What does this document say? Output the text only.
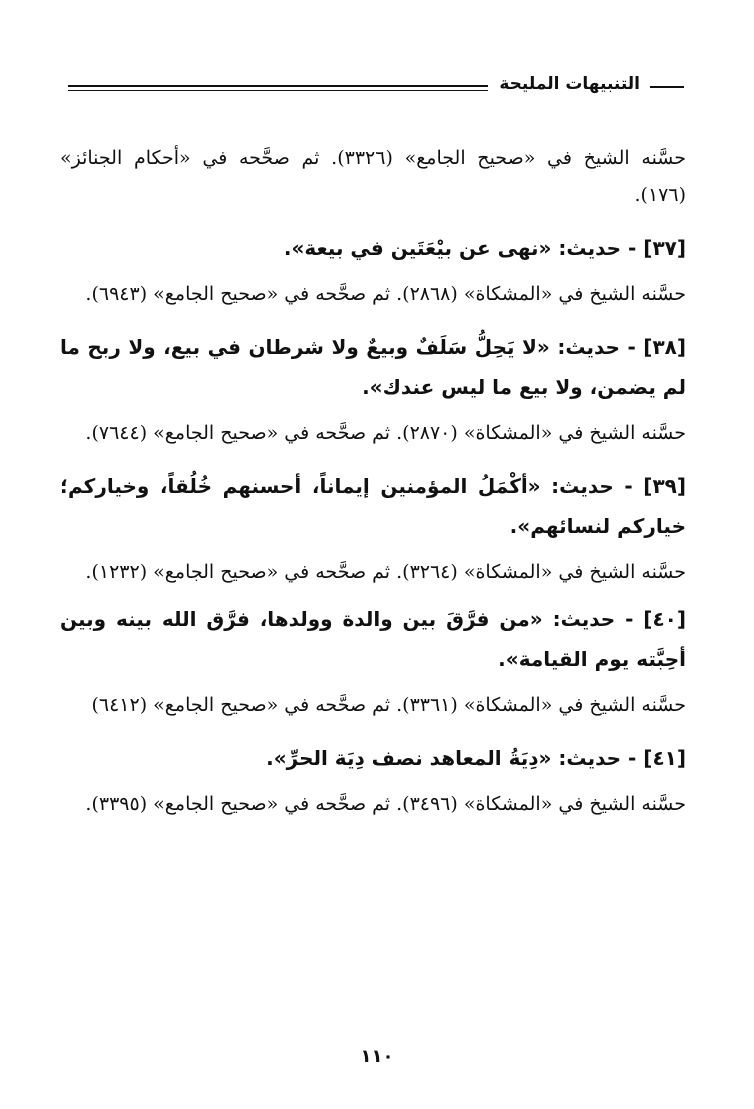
التنبيهات المليحة

حسَّنه الشيخ في «صحيح الجامع» (٣٣٢٦). ثم صحَّحه في «أحكام الجنائز» (١٧٦).

[٣٧] - حديث: «نهى عن بيْعَتَين في بيعة».

حسَّنه الشيخ في «المشكاة» (٢٨٦٨). ثم صحَّحه في «صحيح الجامع» (٦٩٤٣).

[٣٨] - حديث: «لا يَحِلُّ سَلَفٌ وبيعٌ ولا شرطان في بيع، ولا ربح ما لم يضمن، ولا بيع ما ليس عندك».

حسَّنه الشيخ في «المشكاة» (٢٨٧٠). ثم صحَّحه في «صحيح الجامع» (٧٦٤٤).

[٣٩] - حديث: «أكْمَلُ المؤمنين إيماناً، أحسنهم خُلُقاً، وخياركم؛ خياركم لنسائهم».

حسَّنه الشيخ في «المشكاة» (٣٢٦٤). ثم صحَّحه في «صحيح الجامع» (١٢٣٢).

[٤٠] - حديث: «من فرَّقَ بين والدة وولدها، فرَّق الله بينه وبين أحِبَّته يوم القيامة».

حسَّنه الشيخ في «المشكاة» (٣٣٦١). ثم صحَّحه في «صحيح الجامع» (٦٤١٢)

[٤١] - حديث: «دِيَةُ المعاهد نصف دِيَة الحرِّ».

حسَّنه الشيخ في «المشكاة» (٣٤٩٦). ثم صحَّحه في «صحيح الجامع» (٣٣٩٥).

١١٠
